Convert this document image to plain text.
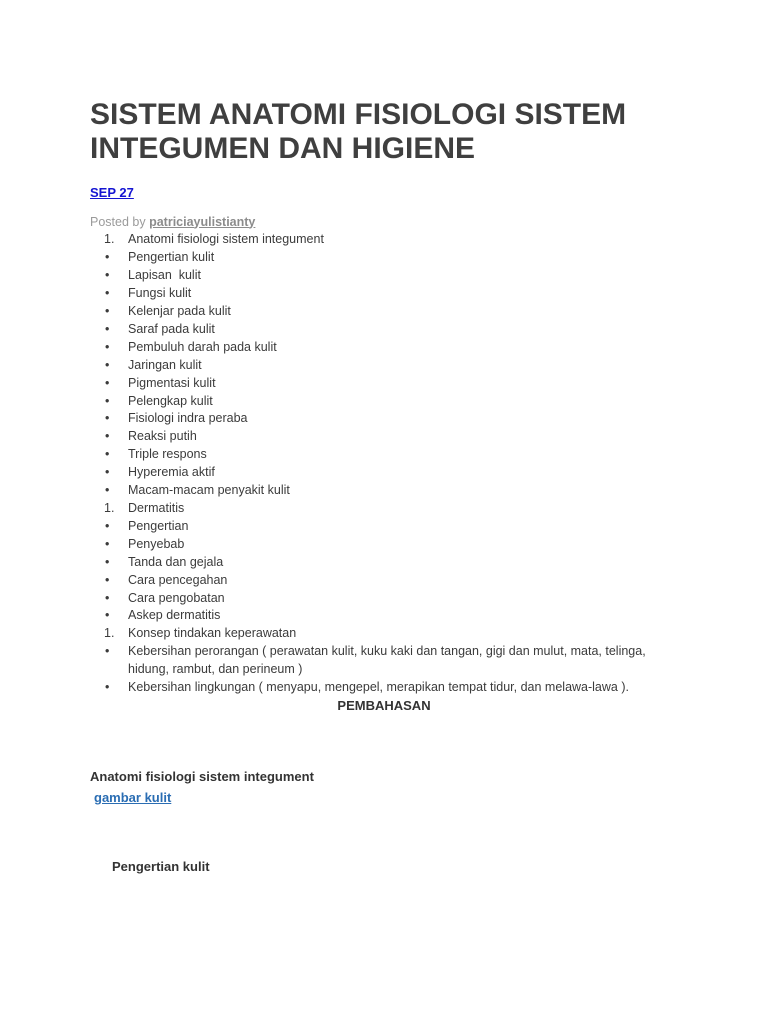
SISTEM ANATOMI FISIOLOGI SISTEM INTEGUMEN DAN HIGIENE
SEP 27
Posted by patriciayulistianty
1. Anatomi fisiologi sistem integument
• Pengertian kulit
• Lapisan  kulit
• Fungsi kulit
• Kelenjar pada kulit
• Saraf pada kulit
• Pembuluh darah pada kulit
• Jaringan kulit
• Pigmentasi kulit
• Pelengkap kulit
• Fisiologi indra peraba
• Reaksi putih
• Triple respons
• Hyperemia aktif
• Macam-macam penyakit kulit
1. Dermatitis
• Pengertian
• Penyebab
• Tanda dan gejala
• Cara pencegahan
• Cara pengobatan
• Askep dermatitis
1. Konsep tindakan keperawatan
• Kebersihan perorangan ( perawatan kulit, kuku kaki dan tangan, gigi dan mulut, mata, telinga, hidung, rambut, dan perineum )
• Kebersihan lingkungan ( menyapu, mengepel, merapikan tempat tidur, dan melawa-lawa ).
PEMBAHASAN
Anatomi fisiologi sistem integument
gambar kulit
Pengertian kulit
